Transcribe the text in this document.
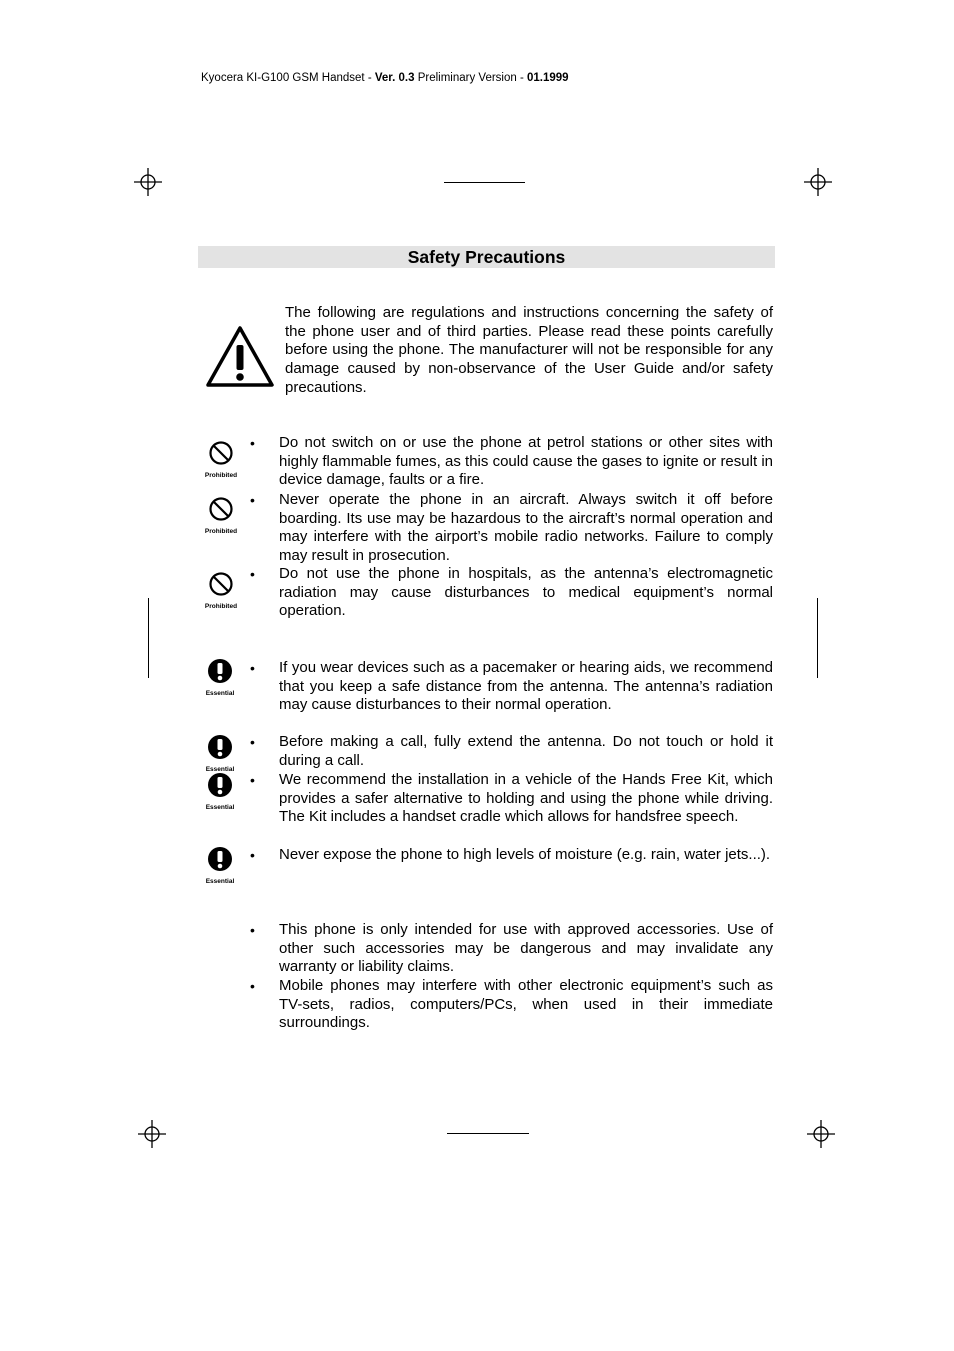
Kyocera KI-G100 GSM Handset - Ver. 0.3 Preliminary Version - 01.1999
Safety Precautions
The following are regulations and instructions concerning the safety of the phone user and of third parties. Please read these points carefully before using the phone. The manufacturer will not be responsible for any damage caused by non-observance of the User Guide and/or safety precautions.
Prohibited
• Do not switch on or use the phone at petrol stations or other sites with highly flammable fumes, as this could cause the gases to ignite or result in device damage, faults or a fire.
Prohibited
• Never operate the phone in an aircraft. Always switch it off before boarding. Its use may be hazardous to the aircraft’s normal operation and may interfere with the airport’s mobile radio networks. Failure to comply may result in prosecution.
Prohibited
• Do not use the phone in hospitals, as the antenna’s electromagnetic radiation may cause disturbances to medical equipment’s normal operation.
Essential
• If you wear devices such as a pacemaker or hearing aids, we recommend that you keep a safe distance from the antenna. The antenna’s radiation may cause disturbances to their normal operation.
Essential
• Before making a call, fully extend the antenna. Do not touch or hold it during a call.
Essential
• We recommend the installation in a vehicle of the Hands Free Kit, which provides a safer alternative to holding and using the phone while driving. The Kit includes a handset cradle which allows for handsfree speech.
Essential
• Never expose the phone to high levels of moisture (e.g. rain, water jets...).
• This phone is only intended for use with approved accessories. Use of other such accessories may be dangerous and may invalidate any warranty or liability claims.
• Mobile phones may interfere with other electronic equipment’s such as TV-sets, radios, computers/PCs, when used in their immediate surroundings.
